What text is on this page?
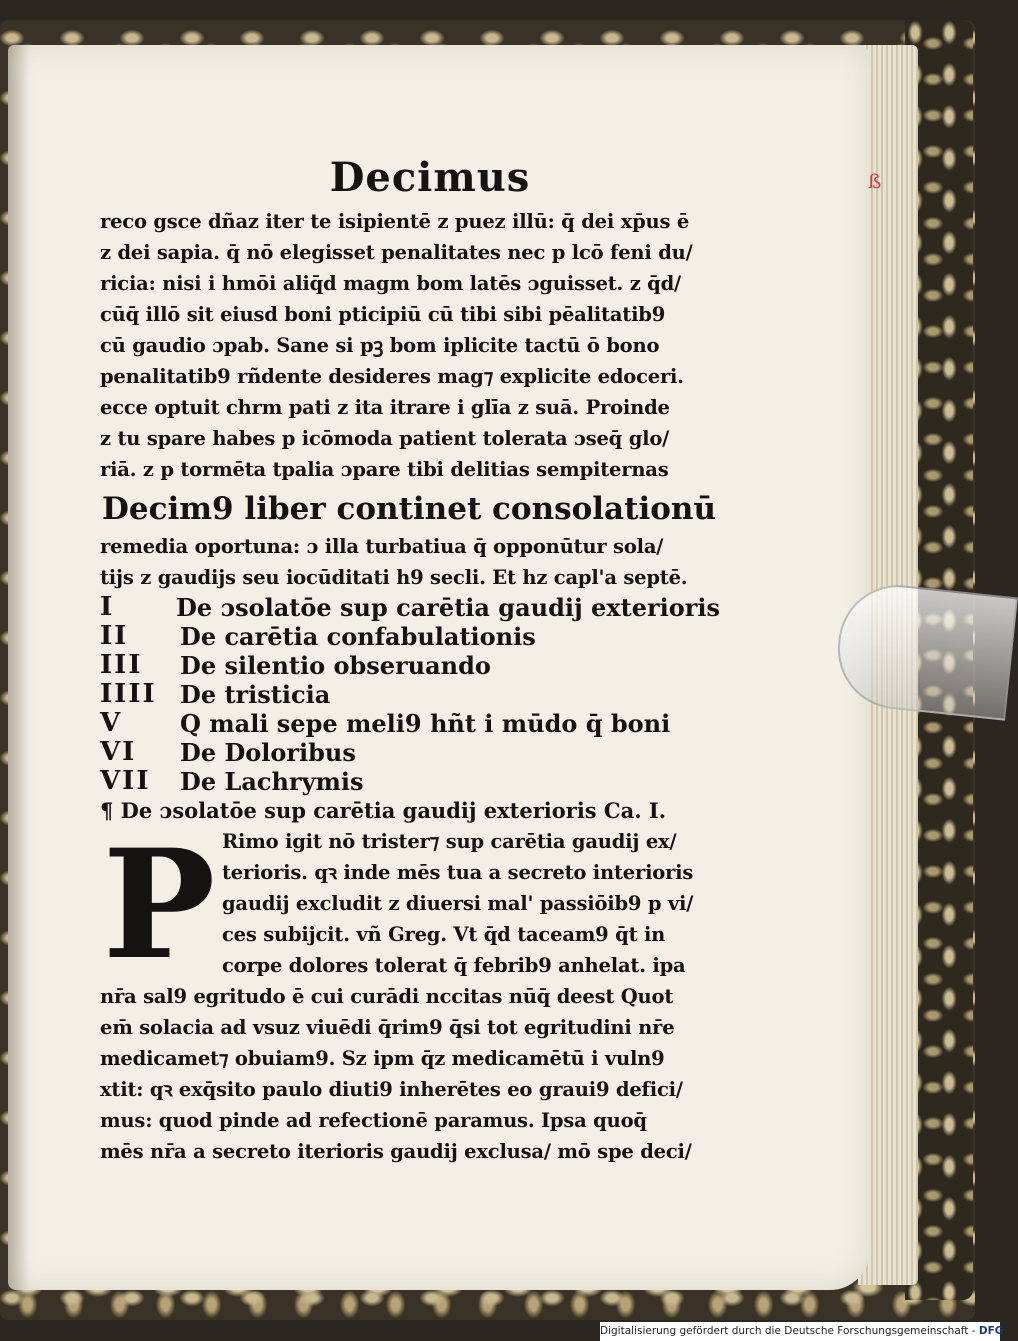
ß
Decimus
reco gsce dñaz iter te isipientē z puez illū: q̄ dei xp̄us ē
z dei sapia. q̄ nō elegisset penalitates nec p lcō feni du/
ricia: nisi i hmōi aliq̄d magm bom latēs ɔguisset. z q̄d/
cūq̄ illō sit eiusd boni pticipiū cū tibi sibi pēalitatib9
cū gaudio ɔpab. Sane si pꝫ bom iplicite tactū ō bono
penalitatib9 rñdente desideres mag⁊ explicite edoceri.
ecce optuit chrm pati z ita itrare i glīa z suā. Proinde
z tu spare habes p icōmoda patient tolerata ɔseq̄ glo/
riā. z p tormēta tpalia ɔpare tibi delitias sempiternas
Decim9 liber continet consolationū
remedia oportuna: ɔ illa turbatiua q̄ opponūtur sola/
tijs z gaudijs seu iocūditati h9 secli. Et hz capl'a septē.
I	De ɔsolatōe sup carētia gaudij exterioris
II	De carētia confabulationis
III	De silentio obseruando
IIII De tristicia
V	Q mali sepe meli9 hñt i mūdo q̄ boni
VI	De Doloribus
VII	De Lachrymis
¶ De ɔsolatōe sup carētia gaudij exterioris Ca. I.
P Rimo igit nō trister⁊ sup carētia gaudij ex/
terioris. qꝛ inde mēs tua a secreto interioris
gaudij excludit z diuersi mal' passiōib9 p vi/
ces subijcit. vñ Greg. Vt q̄d taceam9 q̄t in
corpe dolores tolerat q̄ febrib9 anhelat. ipa
nr̄a sal9 egritudo ē cui curādi nccitas nūq̄ deest Quot
em̄ solacia ad vsuz viuēdi q̄rim9 q̄si tot egritudini nr̄e
medicamet⁊ obuiam9. Sz ipm q̄z medicamētū i vuln9
xtit: qꝛ exq̄sito paulo diuti9 inherētes eo graui9 defici/
mus: quod pinde ad refectionē paramus. Ipsa quoq̄
mēs nr̄a a secreto iterioris gaudij exclusa/ mō spe deci/
Digitalisierung gefördert durch die Deutsche Forschungsgemeinschaft - DFG
